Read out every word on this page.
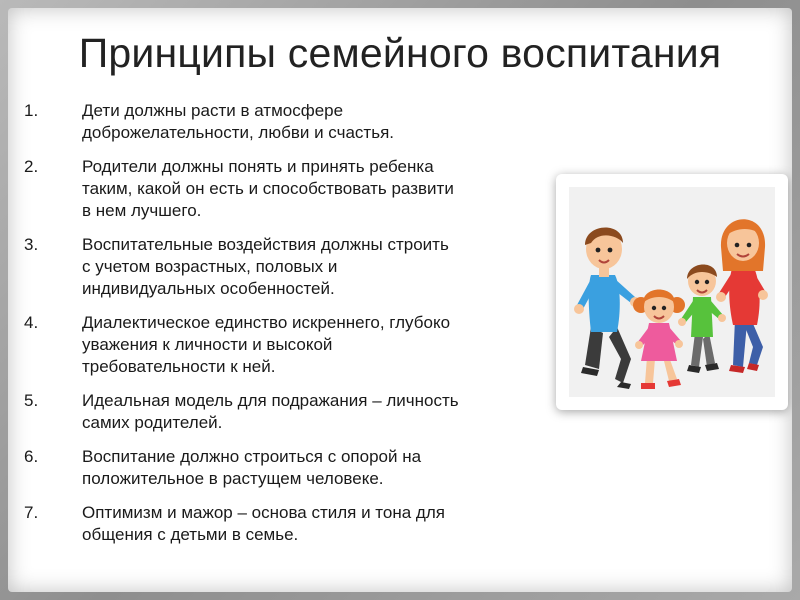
Принципы семейного воспитания
1.	Дети должны расти в атмосфере
доброжелательности, любви и счастья.
2.	Родители должны понять и принять ребенка
таким, какой он есть и способствовать развити
в нем лучшего.
3.	Воспитательные воздействия должны строить
с учетом возрастных, половых и
индивидуальных особенностей.
4.	Диалектическое единство искреннего, глубоко
уважения к личности и высокой
требовательности к ней.
5.	Идеальная модель для подражания – личность
самих родителей.
6.	Воспитание должно строиться с опорой на
положительное в растущем человеке.
7.	Оптимизм и мажор – основа стиля и тона для
общения с детьми в семье.
